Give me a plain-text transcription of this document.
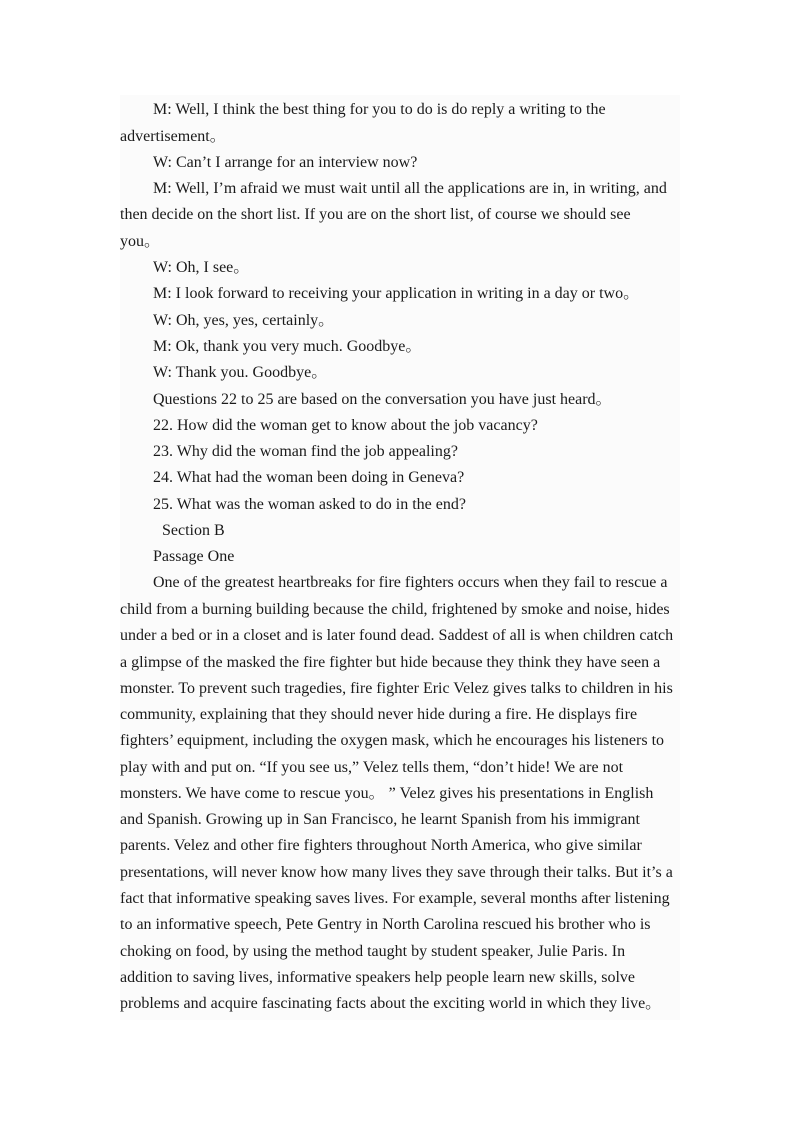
M: Well, I think the best thing for you to do is do reply a writing to the
advertisement。
W: Can’t I arrange for an interview now?
M: Well, I’m afraid we must wait until all the applications are in, in writing, and
then decide on the short list. If you are on the short list, of course we should see
you。
W: Oh, I see。
M: I look forward to receiving your application in writing in a day or two。
W: Oh, yes, yes, certainly。
M: Ok, thank you very much. Goodbye。
W: Thank you. Goodbye。
Questions 22 to 25 are based on the conversation you have just heard。
22. How did the woman get to know about the job vacancy?
23. Why did the woman find the job appealing?
24. What had the woman been doing in Geneva?
25. What was the woman asked to do in the end?
Section B
Passage One
One of the greatest heartbreaks for fire fighters occurs when they fail to rescue a
child from a burning building because the child, frightened by smoke and noise, hides
under a bed or in a closet and is later found dead. Saddest of all is when children catch
a glimpse of the masked the fire fighter but hide because they think they have seen a
monster. To prevent such tragedies, fire fighter Eric Velez gives talks to children in his
community, explaining that they should never hide during a fire. He displays fire
fighters’ equipment, including the oxygen mask, which he encourages his listeners to
play with and put on. “If you see us,” Velez tells them, “don’t hide! We are not
monsters. We have come to rescue you。 ” Velez gives his presentations in English
and Spanish. Growing up in San Francisco, he learnt Spanish from his immigrant
parents. Velez and other fire fighters throughout North America, who give similar
presentations, will never know how many lives they save through their talks. But it’s a
fact that informative speaking saves lives. For example, several months after listening
to an informative speech, Pete Gentry in North Carolina rescued his brother who is
choking on food, by using the method taught by student speaker, Julie Paris. In
addition to saving lives, informative speakers help people learn new skills, solve
problems and acquire fascinating facts about the exciting world in which they live。
